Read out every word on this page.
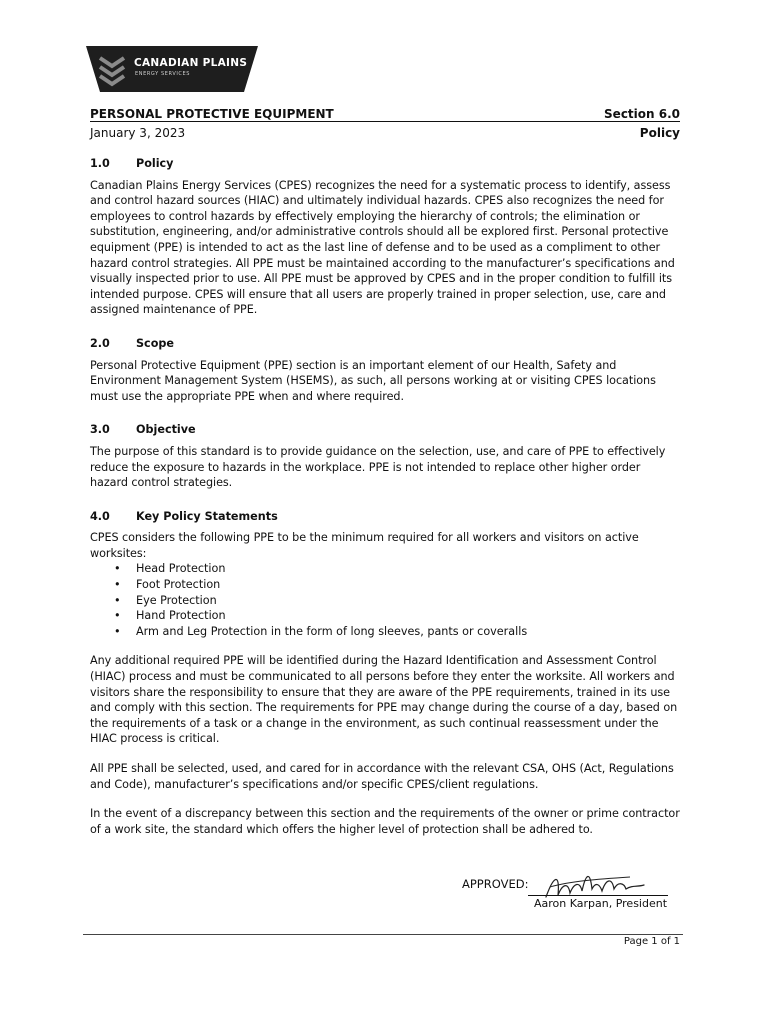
CANADIAN PLAINS
ENERGY SERVICES
PERSONAL PROTECTIVE EQUIPMENT	Section 6.0
January 3, 2023	Policy
1.0	Policy

Canadian Plains Energy Services (CPES) recognizes the need for a systematic process to identify, assess and control hazard sources (HIAC) and ultimately individual hazards. CPES also recognizes the need for employees to control hazards by effectively employing the hierarchy of controls; the elimination or substitution, engineering, and/or administrative controls should all be explored first. Personal protective equipment (PPE) is intended to act as the last line of defense and to be used as a compliment to other hazard control strategies. All PPE must be maintained according to the manufacturer’s specifications and visually inspected prior to use. All PPE must be approved by CPES and in the proper condition to fulfill its intended purpose. CPES will ensure that all users are properly trained in proper selection, use, care and assigned maintenance of PPE.

2.0	Scope

Personal Protective Equipment (PPE) section is an important element of our Health, Safety and Environment Management System (HSEMS), as such, all persons working at or visiting CPES locations must use the appropriate PPE when and where required.

3.0	Objective

The purpose of this standard is to provide guidance on the selection, use, and care of PPE to effectively reduce the exposure to hazards in the workplace. PPE is not intended to replace other higher order hazard control strategies.

4.0	Key Policy Statements

CPES considers the following PPE to be the minimum required for all workers and visitors on active worksites:

• Head Protection
• Foot Protection
• Eye Protection
• Hand Protection
• Arm and Leg Protection in the form of long sleeves, pants or coveralls

Any additional required PPE will be identified during the Hazard Identification and Assessment Control (HIAC) process and must be communicated to all persons before they enter the worksite. All workers and visitors share the responsibility to ensure that they are aware of the PPE requirements, trained in its use and comply with this section. The requirements for PPE may change during the course of a day, based on the requirements of a task or a change in the environment, as such continual reassessment under the HIAC process is critical.

All PPE shall be selected, used, and cared for in accordance with the relevant CSA, OHS (Act, Regulations and Code), manufacturer’s specifications and/or specific CPES/client regulations.

In the event of a discrepancy between this section and the requirements of the owner or prime contractor of a work site, the standard which offers the higher level of protection shall be adhered to.

APPROVED:
Aaron Karpan, President
Page 1 of 1
